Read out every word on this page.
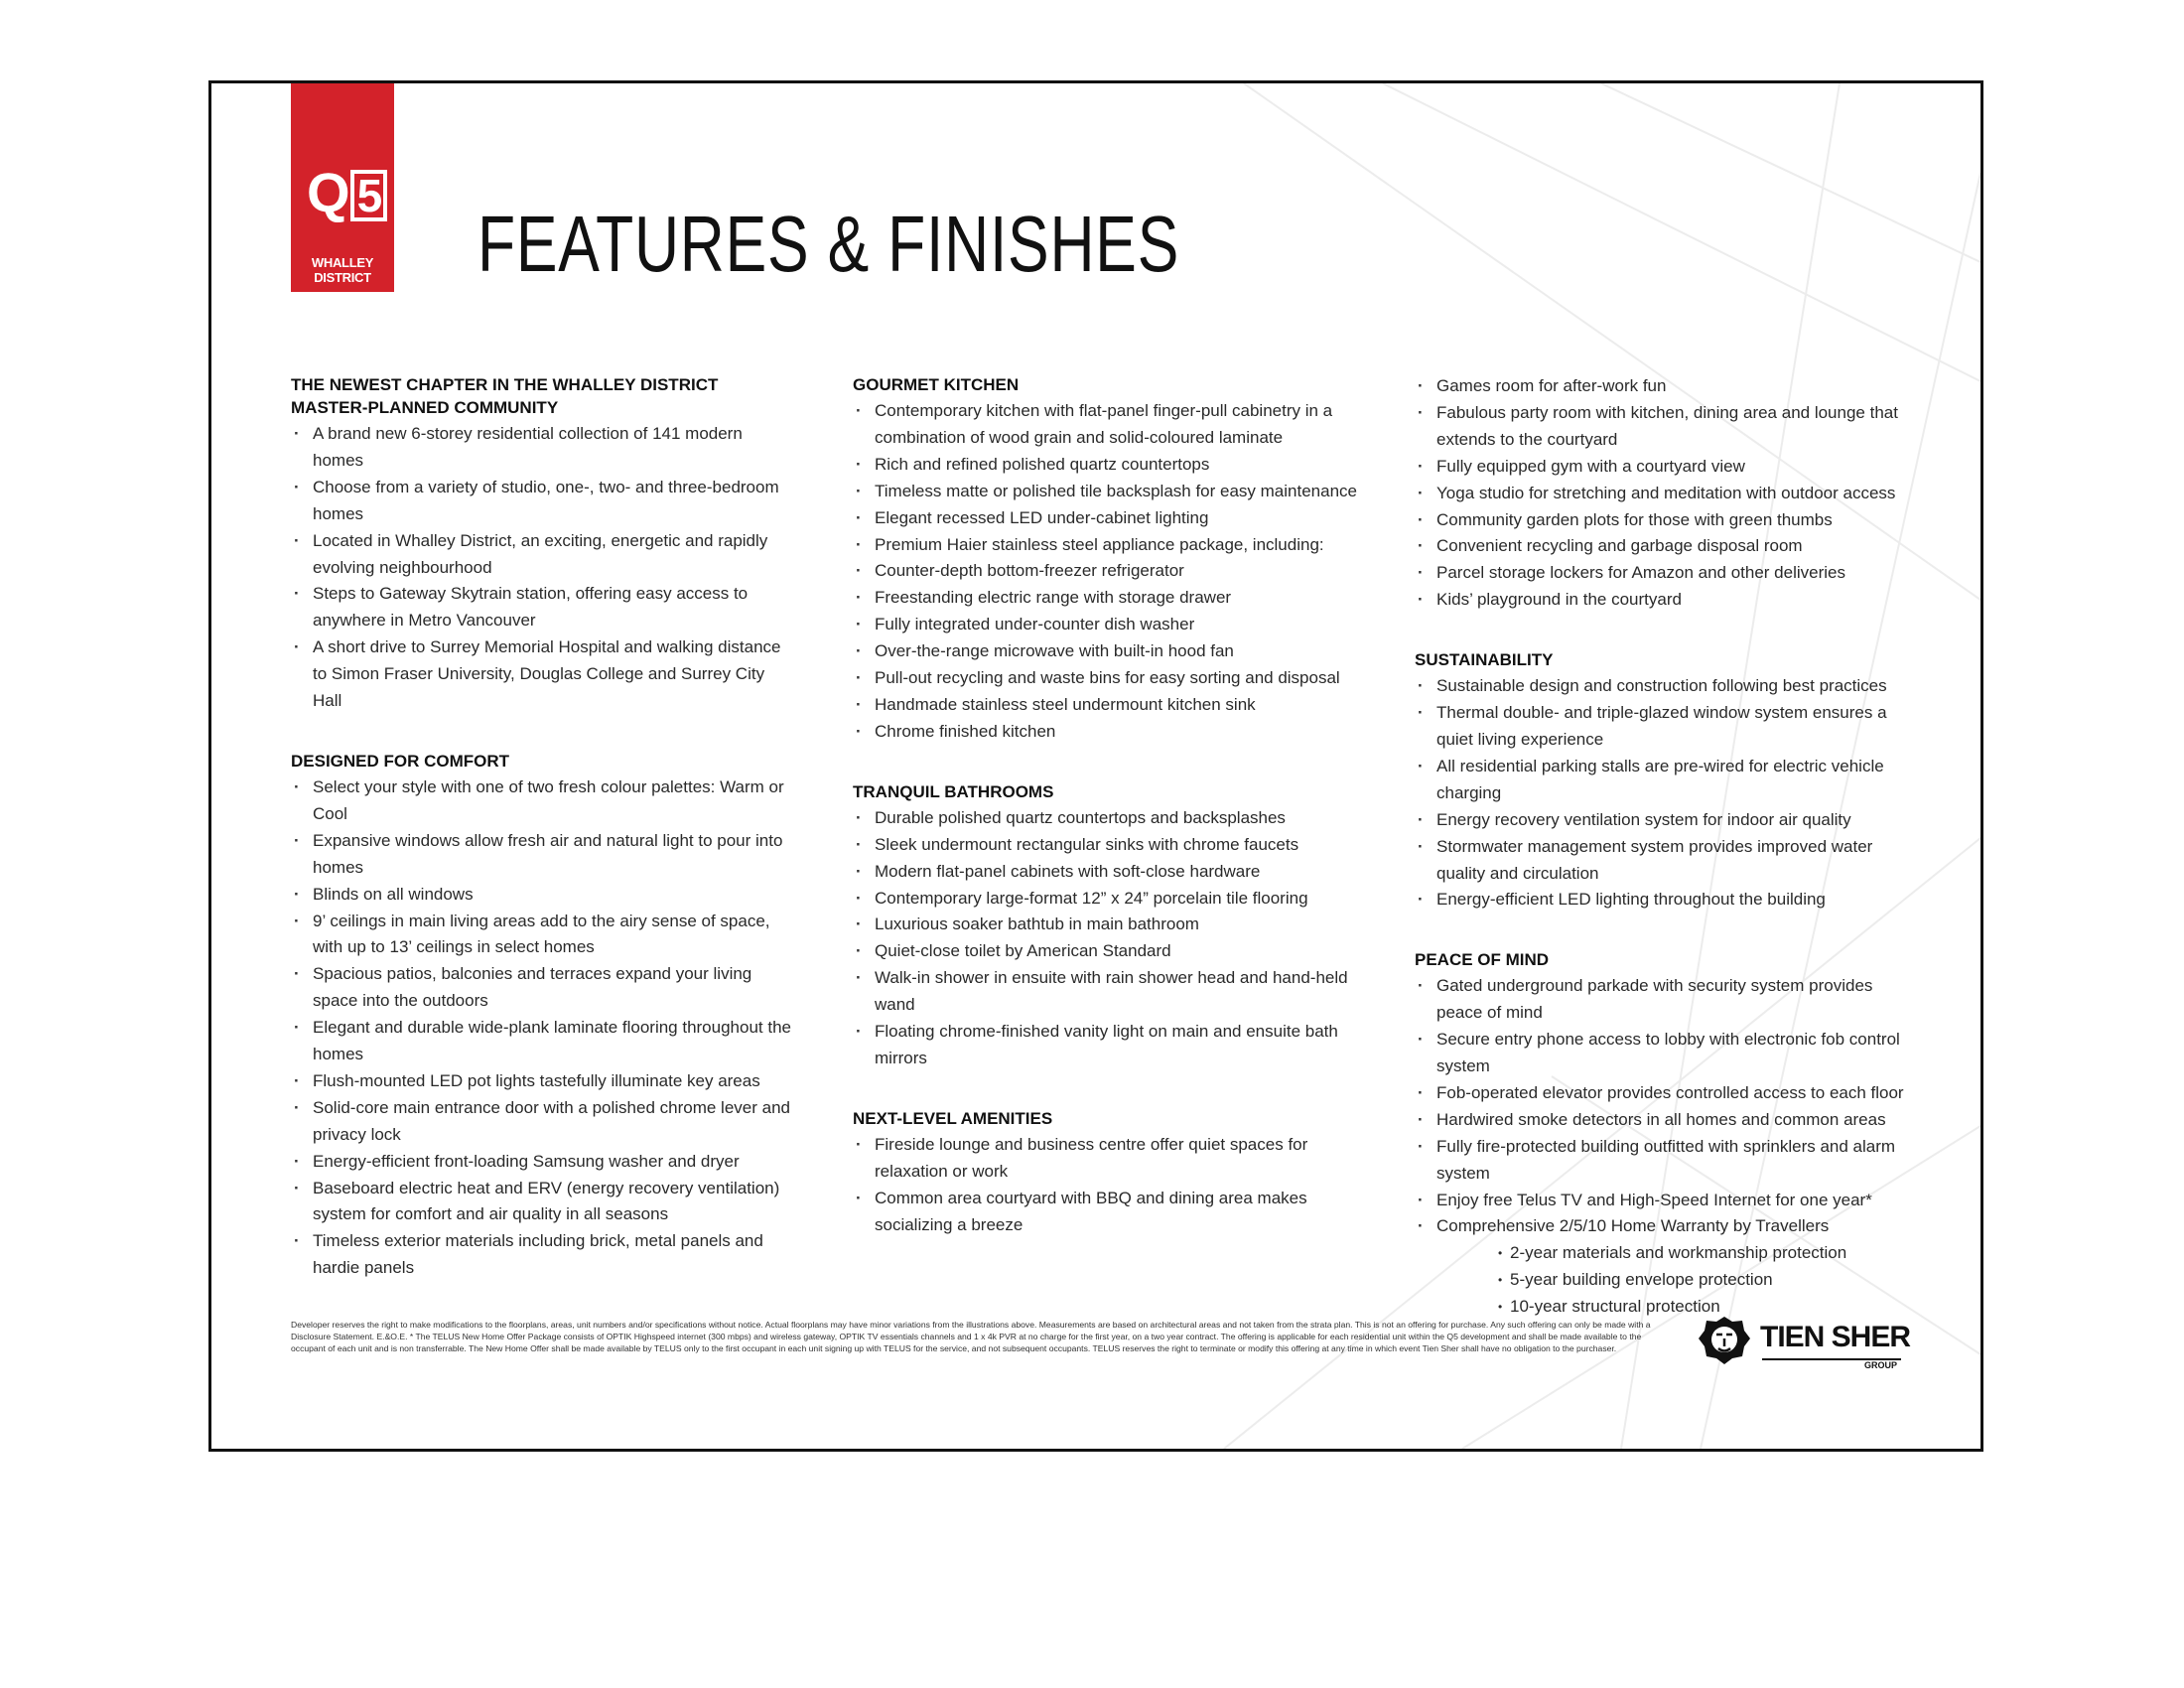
Q 5
WHALLEY DISTRICT FEATURES & FINISHES
THE NEWEST CHAPTER IN THE WHALLEY DISTRICT
MASTER-PLANNED COMMUNITY
· A brand new 6-storey residential collection of 141 modern homes
· Choose from a variety of studio, one-, two- and three-bedroom homes
· Located in Whalley District, an exciting, energetic and rapidly evolving neighbourhood
· Steps to Gateway Skytrain station, offering easy access to anywhere in Metro Vancouver
· A short drive to Surrey Memorial Hospital and walking distance to Simon Fraser University, Douglas College and Surrey City Hall
DESIGNED FOR COMFORT
· Select your style with one of two fresh colour palettes: Warm or Cool
· Expansive windows allow fresh air and natural light to pour into homes
· Blinds on all windows
· 9’ ceilings in main living areas add to the airy sense of space, with up to 13’ ceilings in select homes
· Spacious patios, balconies and terraces expand your living space into the outdoors
· Elegant and durable wide-plank laminate flooring throughout the homes
· Flush-mounted LED pot lights tastefully illuminate key areas
· Solid-core main entrance door with a polished chrome lever and privacy lock
· Energy-efficient front-loading Samsung washer and dryer
· Baseboard electric heat and ERV (energy recovery ventilation) system for comfort and air quality in all seasons
· Timeless exterior materials including brick, metal panels and hardie panels
GOURMET KITCHEN
· Contemporary kitchen with flat-panel finger-pull cabinetry in a combination of wood grain and solid-coloured laminate
· Rich and refined polished quartz countertops
· Timeless matte or polished tile backsplash for easy maintenance
· Elegant recessed LED under-cabinet lighting
· Premium Haier stainless steel appliance package, including:
· Counter-depth bottom-freezer refrigerator
· Freestanding electric range with storage drawer
· Fully integrated under-counter dish washer
· Over-the-range microwave with built-in hood fan
· Pull-out recycling and waste bins for easy sorting and disposal
· Handmade stainless steel undermount kitchen sink
· Chrome finished kitchen
TRANQUIL BATHROOMS
· Durable polished quartz countertops and backsplashes
· Sleek undermount rectangular sinks with chrome faucets
· Modern flat-panel cabinets with soft-close hardware
· Contemporary large-format 12” x 24” porcelain tile flooring
· Luxurious soaker bathtub in main bathroom
· Quiet-close toilet by American Standard
· Walk-in shower in ensuite with rain shower head and hand-held wand
· Floating chrome-finished vanity light on main and ensuite bath mirrors
NEXT-LEVEL AMENITIES
· Fireside lounge and business centre offer quiet spaces for relaxation or work
· Common area courtyard with BBQ and dining area makes socializing a breeze
· Games room for after-work fun
· Fabulous party room with kitchen, dining area and lounge that extends to the courtyard
· Fully equipped gym with a courtyard view
· Yoga studio for stretching and meditation with outdoor access
· Community garden plots for those with green thumbs
· Convenient recycling and garbage disposal room
· Parcel storage lockers for Amazon and other deliveries
· Kids’ playground in the courtyard
SUSTAINABILITY
· Sustainable design and construction following best practices
· Thermal double- and triple-glazed window system ensures a quiet living experience
· All residential parking stalls are pre-wired for electric vehicle charging
· Energy recovery ventilation system for indoor air quality
· Stormwater management system provides improved water quality and circulation
· Energy-efficient LED lighting throughout the building
PEACE OF MIND
· Gated underground parkade with security system provides peace of mind
· Secure entry phone access to lobby with electronic fob control system
· Fob-operated elevator provides controlled access to each floor
· Hardwired smoke detectors in all homes and common areas
· Fully fire-protected building outfitted with sprinklers and alarm system
· Enjoy free Telus TV and High-Speed Internet for one year*
· Comprehensive 2/5/10 Home Warranty by Travellers
• 2-year materials and workmanship protection
• 5-year building envelope protection
• 10-year structural protection
Developer reserves the right to make modifications to the floorplans, areas, unit numbers and/or specifications without notice. Actual floorplans may have minor variations from the illustrations above. Measurements are based on architectural areas and not taken from the strata plan. This is not an offering for purchase. Any such offering can only be made with a Disclosure Statement. E.&O.E. * The TELUS New Home Offer Package consists of OPTIK Highspeed internet (300 mbps) and wireless gateway, OPTIK TV essentials channels and 1 x 4k PVR at no charge for the first year, on a two year contract. The offering is applicable for each residential unit within the Q5 development and shall be made available to the occupant of each unit and is non transferrable. The New Home Offer shall be made available by TELUS only to the first occupant in each unit signing up with TELUS for the service, and not subsequent occupants. TELUS reserves the right to terminate or modify this offering at any time in which event Tien Sher shall have no obligation to the purchaser.	TIEN SHER
GROUP
